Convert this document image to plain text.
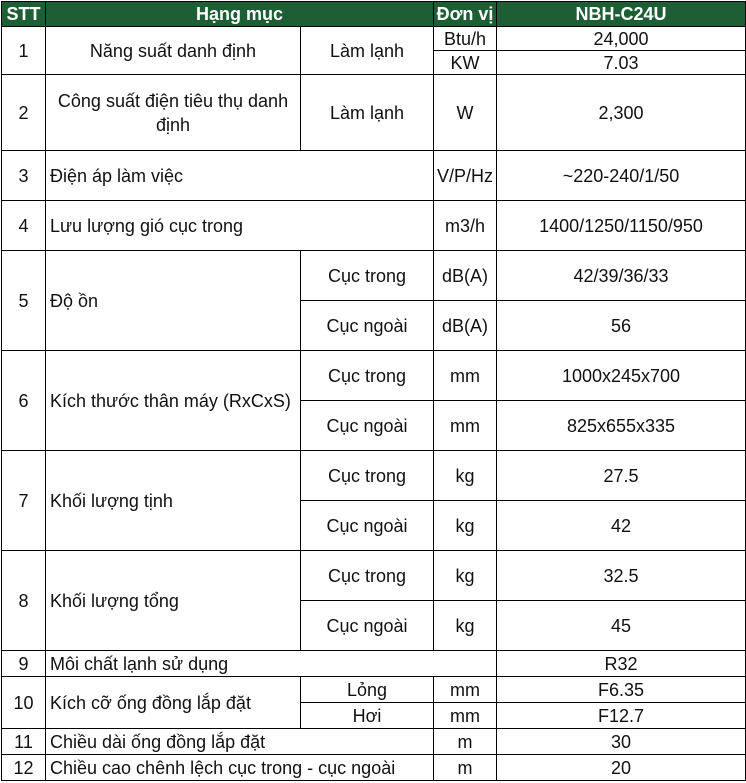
STT	Hạng mục		Đơn vị	NBH-C24U
1	Năng suất danh định	Làm lạnh	Btu/h	24,000
			KW	7.03
2	Công suất điện tiêu thụ danh định	Làm lạnh	W	2,300
3	Điện áp làm việc		V/P/Hz	~220-240/1/50
4	Lưu lượng gió cục trong		m3/h	1400/1250/1150/950
5	Độ ồn	Cục trong	dB(A)	42/39/36/33
		Cục ngoài	dB(A)	56
6	Kích thước thân máy (RxCxS)	Cục trong	mm	1000x245x700
		Cục ngoài	mm	825x655x335
7	Khối lượng tịnh	Cục trong	kg	27.5
		Cục ngoài	kg	42
8	Khối lượng tổng	Cục trong	kg	32.5
		Cục ngoài	kg	45
9	Môi chất lạnh sử dụng			R32
10	Kích cỡ ống đồng lắp đặt	Lỏng	mm	F6.35
		Hơi	mm	F12.7
11	Chiều dài ống đồng lắp đặt		m	30
12	Chiều cao chênh lệch cục trong - cục ngoài		m	20
